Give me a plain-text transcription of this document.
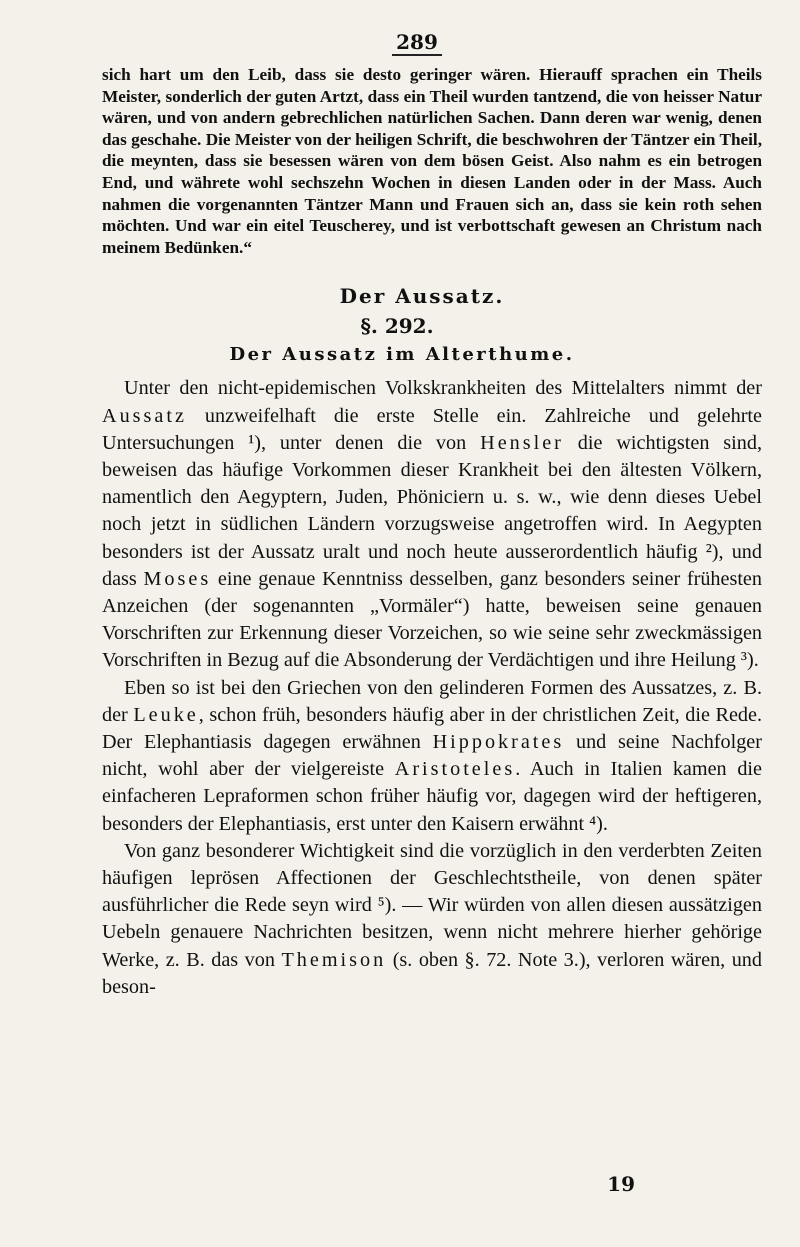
289

sich hart um den Leib, dass sie desto geringer wären. Hierauff sprachen ein Theils Meister, sonderlich der guten Artzt, dass ein Theil wurden tantzend, die von heisser Natur wären, und von andern gebrechlichen natürlichen Sachen. Dann deren war wenig, denen das geschahe. Die Meister von der heiligen Schrift, die beschwohren der Täntzer ein Theil, die meynten, dass sie besessen wären von dem bösen Geist. Also nahm es ein betrogen End, und währete wohl sechszehn Wochen in diesen Landen oder in der Mass. Auch nahmen die vorgenannten Täntzer Mann und Frauen sich an, dass sie kein roth sehen möchten. Und war ein eitel Teuscherey, und ist verbottschaft gewesen an Christum nach meinem Bedünken.“

Der Aussatz.
§. 292.
Der Aussatz im Alterthume.

Unter den nicht-epidemischen Volkskrankheiten des Mittelalters nimmt der Aussatz unzweifelhaft die erste Stelle ein. Zahlreiche und gelehrte Untersuchungen ¹), unter denen die von Hensler die wichtigsten sind, beweisen das häufige Vorkommen dieser Krankheit bei den ältesten Völkern, namentlich den Aegyptern, Juden, Phöniciern u. s. w., wie denn dieses Uebel noch jetzt in südlichen Ländern vorzugsweise angetroffen wird. In Aegypten besonders ist der Aussatz uralt und noch heute ausserordentlich häufig ²), und dass Moses eine genaue Kenntniss desselben, ganz besonders seiner frühesten Anzeichen (der sogenannten „Vormäler“) hatte, beweisen seine genauen Vorschriften zur Erkennung dieser Vorzeichen, so wie seine sehr zweckmässigen Vorschriften in Bezug auf die Absonderung der Verdächtigen und ihre Heilung ³).

Eben so ist bei den Griechen von den gelinderen Formen des Aussatzes, z. B. der Leuke, schon früh, besonders häufig aber in der christlichen Zeit, die Rede. Der Elephantiasis dagegen erwähnen Hippokrates und seine Nachfolger nicht, wohl aber der vielgereiste Aristoteles. Auch in Italien kamen die einfacheren Lepraformen schon früher häufig vor, dagegen wird der heftigeren, besonders der Elephantiasis, erst unter den Kaisern erwähnt ⁴).

Von ganz besonderer Wichtigkeit sind die vorzüglich in den verderbten Zeiten häufigen leprösen Affectionen der Geschlechtstheile, von denen später ausführlicher die Rede seyn wird ⁵). — Wir würden von allen diesen aussätzigen Uebeln genauere Nachrichten besitzen, wenn nicht mehrere hierher gehörige Werke, z. B. das von Themison (s. oben §. 72. Note 3.), verloren wären, und beson-

19
